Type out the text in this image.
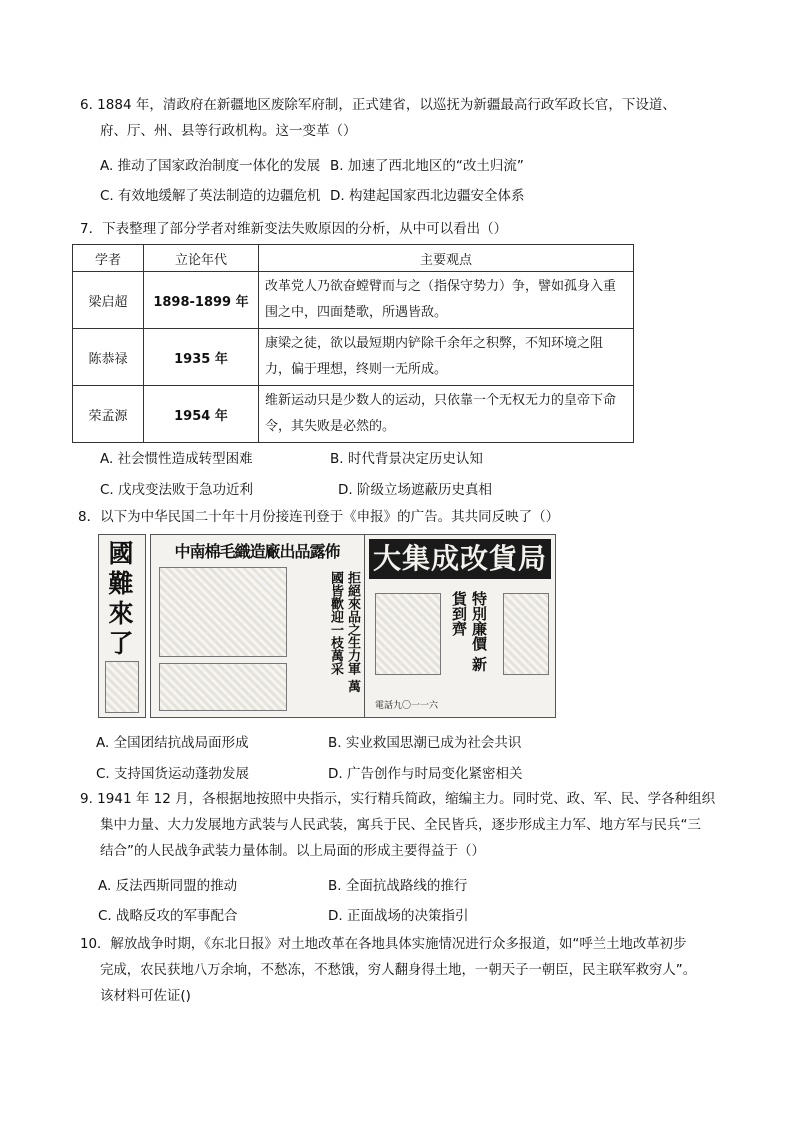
6. 1884 年，清政府在新疆地区废除军府制，正式建省，以巡抚为新疆最高行政军政长官，下设道、
府、厅、州、县等行政机构。这一变革（）
A. 推动了国家政治制度一体化的发展 B. 加速了西北地区的“改土归流”
C. 有效地缓解了英法制造的边疆危机 D. 构建起国家西北边疆安全体系
7．下表整理了部分学者对维新变法失败原因的分析，从中可以看出（）
学者	立论年代	主要观点
梁启超	1898-1899 年	改革党人乃欲奋螳臂而与之（指保守势力）争，譬如孤身入重围之中，四面楚歌，所遇皆敌。
陈恭禄	1935 年	康梁之徒，欲以最短期内铲除千余年之积弊，不知环境之阻力，偏于理想，终则一无所成。
荣孟源	1954 年	维新运动只是少数人的运动，只依靠一个无权无力的皇帝下命令，其失败是必然的。
A. 社会惯性造成转型困难	B. 时代背景决定历史认知
C. 戊戌变法败于急功近利	D. 阶级立场遮蔽历史真相
8．以下为中华民国二十年十月份接连刊登于《申报》的广告。其共同反映了（）
國難來了
中南棉毛織造廠出品露佈
拒絕來品之生力軍 萬國皆歡迎一枝萬采
大集成改貨局
特別廉價 新貨到齊
電話九〇一一六
A. 全国团结抗战局面形成	B. 实业救国思潮已成为社会共识
C. 支持国货运动蓬勃发展	D. 广告创作与时局变化紧密相关
9. 1941 年 12 月，各根据地按照中央指示，实行精兵简政，缩编主力。同时党、政、军、民、学各种组织
集中力量、大力发展地方武装与人民武装，寓兵于民、全民皆兵，逐步形成主力军、地方军与民兵“三
结合”的人民战争武装力量体制。以上局面的形成主要得益于（）
A. 反法西斯同盟的推动	B. 全面抗战路线的推行
C. 战略反攻的军事配合	D. 正面战场的决策指引
10．解放战争时期，《东北日报》对土地改革在各地具体实施情况进行众多报道，如“呼兰土地改革初步
完成，农民获地八万余垧，不愁冻，不愁饿，穷人翻身得土地，一朝天子一朝臣，民主联军救穷人”。
该材料可佐证()
